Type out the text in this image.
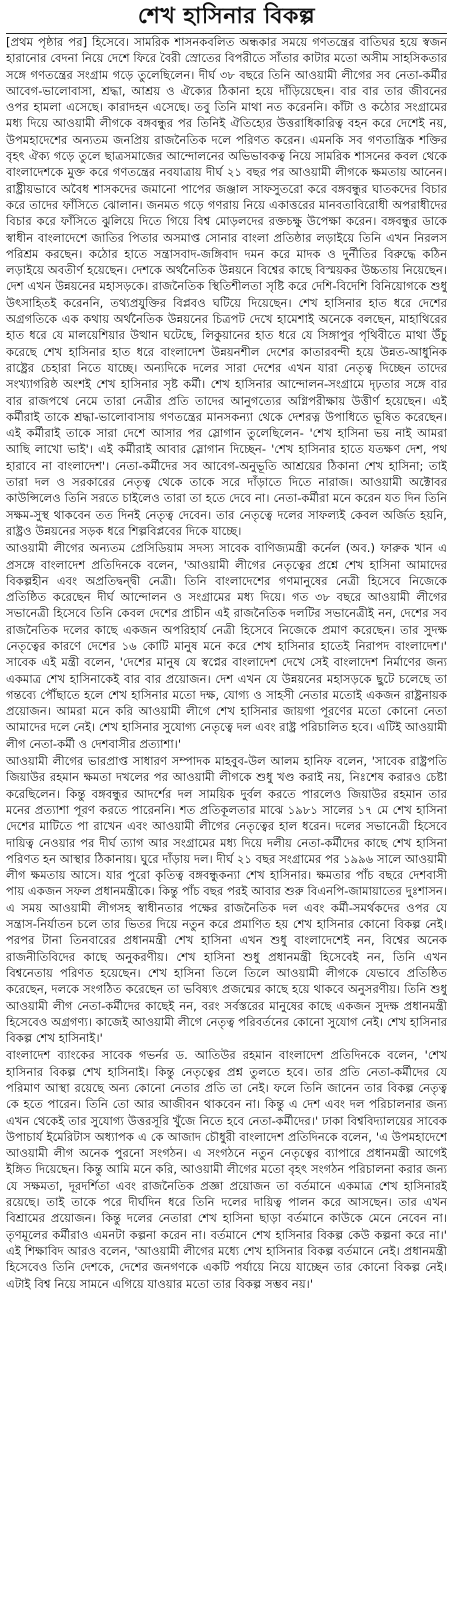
শেখ হাসিনার বিকল্প

[প্রথম পৃষ্ঠার পর] হিসেবে। সামরিক শাসনকবলিত অন্ধকার সময়ে গণতন্ত্রের বাতিঘর হয়ে স্বজন হারানোর বেদনা নিয়ে দেশে ফিরে বৈরী স্রোতের বিপরীতে সাঁতার কাটার মতো অসীম সাহসিকতার সঙ্গে গণতন্ত্রের সংগ্রাম গড়ে তুলেছিলেন। দীর্ঘ ৩৮ বছরে তিনি আওয়ামী লীগের সব নেতা-কর্মীর আবেগ-ভালোবাসা, শ্রদ্ধা, আশ্রয় ও ঐক্যের ঠিকানা হয়ে দাঁড়িয়েছেন। বার বার তার জীবনের ওপর হামলা এসেছে। কারাদহন এসেছে। তবু তিনি মাথা নত করেননি। কাঁটা ও কঠোর সংগ্রামের মধ্য দিয়ে আওয়ামী লীগকে বঙ্গবন্ধুর পর তিনিই ঐতিহ্যের উত্তরাধিকারিত্ব বহন করে দেশেই নয়, উপমহাদেশের অন্যতম জনপ্রিয় রাজনৈতিক দলে পরিণত করেন। এমনকি সব গণতান্ত্রিক শক্তির বৃহৎ ঐক্য গড়ে তুলে ছাত্রসমাজের আন্দোলনের অভিভাবকত্ব নিয়ে সামরিক শাসনের কবল থেকে বাংলাদেশকে মুক্ত করে গণতন্ত্রের নবযাত্রায় দীর্ঘ ২১ বছর পর আওয়ামী লীগকে ক্ষমতায় আনেন। রাষ্ট্রীয়ভাবে অবৈধ শাসকদের জমানো পাপের জঞ্জাল সাফসুতরো করে বঙ্গবন্ধুর ঘাতকদের বিচার করে তাদের ফাঁসিতে ঝোলান। জনমত গড়ে গণরায় নিয়ে একাত্তরের মানবতাবিরোধী অপরাধীদের বিচার করে ফাঁসিতে ঝুলিয়ে দিতে গিয়ে বিশ্ব মোড়লদের রক্তচক্ষু উপেক্ষা করেন। বঙ্গবন্ধুর ডাকে স্বাধীন বাংলাদেশে জাতির পিতার অসমাপ্ত সোনার বাংলা প্রতিষ্ঠার লড়াইয়ে তিনি এখন নিরলস পরিশ্রম করছেন। কঠোর হাতে সন্ত্রাসবাদ-জঙ্গিবাদ দমন করে মাদক ও দুর্নীতির বিরুদ্ধে কঠিন লড়াইয়ে অবতীর্ণ হয়েছেন। দেশকে অর্থনৈতিক উন্নয়নে বিশ্বের কাছে বিস্ময়কর উচ্চতায় নিয়েছেন। দেশ এখন উন্নয়নের মহাসড়কে। রাজনৈতিক স্থিতিশীলতা সৃষ্টি করে দেশি-বিদেশি বিনিয়োগকে শুধু উৎসাহিতই করেননি, তথ্যপ্রযুক্তির বিপ্লবও ঘটিয়ে দিয়েছেন। শেখ হাসিনার হাত ধরে দেশের অগ্রগতিকে এক কথায় অর্থনৈতিক উন্নয়নের চিত্রপট দেখে হামেশাই অনেকে বলছেন, মাহাথিরের হাত ধরে যে মালয়েশিয়ার উত্থান ঘটেছে, লিকুয়ানের হাত ধরে যে সিঙ্গাপুর পৃথিবীতে মাথা উঁচু করেছে শেখ হাসিনার হাত ধরে বাংলাদেশ উন্নয়নশীল দেশের কাতারবন্দী হয়ে উন্নত-আধুনিক রাষ্ট্রের চেহারা নিতে যাচ্ছে। অন্যদিকে দলের সারা দেশের এখন যারা নেতৃত্ব দিচ্ছেন তাদের সংখ্যাগরিষ্ঠ অংশই শেখ হাসিনার সৃষ্ট কর্মী। শেখ হাসিনার আন্দোলন-সংগ্রামে দৃঢ়তার সঙ্গে বার বার রাজপথে নেমে তারা নেত্রীর প্রতি তাদের আনুগত্যের অগ্নিপরীক্ষায় উত্তীর্ণ হয়েছেন। এই কর্মীরাই তাকে শ্রদ্ধা-ভালোবাসায় গণতন্ত্রের মানসকন্যা থেকে দেশরত্ন উপাধিতে ভূষিত করেছেন। এই কর্মীরাই তাকে সারা দেশে আসার পর স্লোগান তুলেছিলেন- 'শেখ হাসিনা ভয় নাই আমরা আছি লাখো ভাই'। এই কর্মীরাই আবার স্লোগান দিচ্ছেন- 'শেখ হাসিনার হাতে যতক্ষণ দেশ, পথ হারাবে না বাংলাদেশ'। নেতা-কর্মীদের সব আবেগ-অনুভূতি আশ্রয়ের ঠিকানা শেখ হাসিনা; তাই তারা দল ও সরকারের নেতৃত্ব থেকে তাকে সরে দাঁড়াতে দিতে নারাজ। আওয়ামী অক্টোবর কাউন্সিলেও তিনি সরতে চাইলেও তারা তা হতে দেবে না। নেতা-কর্মীরা মনে করেন যত দিন তিনি সক্ষম-সুস্থ থাকবেন তত দিনই নেতৃত্ব দেবেন। তার নেতৃত্বে দলের সাফল্যই কেবল অর্জিত হয়নি, রাষ্ট্রও উন্নয়নের সড়ক ধরে শিল্পবিপ্লবের দিকে যাচ্ছে।

আওয়ামী লীগের অন্যতম প্রেসিডিয়াম সদস্য সাবেক বাণিজ্যমন্ত্রী কর্নেল (অব.) ফারুক খান এ প্রসঙ্গে বাংলাদেশ প্রতিদিনকে বলেন, 'আওয়ামী লীগের নেতৃত্বের প্রশ্নে শেখ হাসিনা আমাদের বিকল্পহীন এবং অপ্রতিদ্বন্দ্বী নেত্রী। তিনি বাংলাদেশের গণমানুষের নেত্রী হিসেবে নিজেকে প্রতিষ্ঠিত করেছেন দীর্ঘ আন্দোলন ও সংগ্রামের মধ্য দিয়ে। গত ৩৮ বছরে আওয়ামী লীগের সভানেত্রী হিসেবে তিনি কেবল দেশের প্রাচীন এই রাজনৈতিক দলটির সভানেত্রীই নন, দেশের সব রাজনৈতিক দলের কাছে একজন অপরিহার্য নেত্রী হিসেবে নিজেকে প্রমাণ করেছেন। তার সুদক্ষ নেতৃত্বের কারণে দেশের ১৬ কোটি মানুষ মনে করে শেখ হাসিনার হাতেই নিরাপদ বাংলাদেশ।' সাবেক এই মন্ত্রী বলেন, 'দেশের মানুষ যে স্বপ্নের বাংলাদেশ দেখে সেই বাংলাদেশ নির্মাণের জন্য একমাত্র শেখ হাসিনাকেই বার বার প্রয়োজন। দেশ এখন যে উন্নয়নের মহাসড়কে ছুটে চলেছে তা গন্তব্যে পৌঁছাতে হলে শেখ হাসিনার মতো দক্ষ, যোগ্য ও সাহসী নেতার মতোই একজন রাষ্ট্রনায়ক প্রয়োজন। আমরা মনে করি আওয়ামী লীগে শেখ হাসিনার জায়গা পূরণের মতো কোনো নেতা আমাদের দলে নেই। শেখ হাসিনার সুযোগ্য নেতৃত্বে দল এবং রাষ্ট্র পরিচালিত হবে। এটিই আওয়ামী লীগ নেতা-কর্মী ও দেশবাসীর প্রত্যাশা।'

আওয়ামী লীগের ভারপ্রাপ্ত সাধারণ সম্পাদক মাহবুব-উল আলম হানিফ বলেন, 'সাবেক রাষ্ট্রপতি জিয়াউর রহমান ক্ষমতা দখলের পর আওয়ামী লীগকে শুধু খণ্ড করাই নয়, নিঃশেষ করারও চেষ্টা করেছিলেন। কিন্তু বঙ্গবন্ধুর আদর্শের দল সাময়িক দুর্বল করতে পারলেও জিয়াউর রহমান তার মনের প্রত্যাশা পূরণ করতে পারেননি। শত প্রতিকূলতার মাঝে ১৯৮১ সালের ১৭ মে শেখ হাসিনা দেশের মাটিতে পা রাখেন এবং আওয়ামী লীগের নেতৃত্বের হাল ধরেন। দলের সভানেত্রী হিসেবে দায়িত্ব নেওয়ার পর দীর্ঘ ত্যাগ আর সংগ্রামের মধ্য দিয়ে দলীয় নেতা-কর্মীদের কাছে শেখ হাসিনা পরিণত হন আস্থার ঠিকানায়। ঘুরে দাঁড়ায় দল। দীর্ঘ ২১ বছর সংগ্রামের পর ১৯৯৬ সালে আওয়ামী লীগ ক্ষমতায় আসে। যার পুরো কৃতিত্ব বঙ্গবন্ধুকন্যা শেখ হাসিনার। ক্ষমতার পাঁচ বছরে দেশবাসী পায় একজন সফল প্রধানমন্ত্রীকে। কিন্তু পাঁচ বছর পরই আবার শুরু বিএনপি-জামায়াতের দুঃশাসন। এ সময় আওয়ামী লীগসহ স্বাধীনতার পক্ষের রাজনৈতিক দল এবং কর্মী-সমর্থকদের ওপর যে সন্ত্রাস-নির্যাতন চলে তার ভিতর দিয়ে নতুন করে প্রমাণিত হয় শেখ হাসিনার কোনো বিকল্প নেই। পরপর টানা তিনবারের প্রধানমন্ত্রী শেখ হাসিনা এখন শুধু বাংলাদেশেই নন, বিশ্বের অনেক রাজনীতিবিদের কাছে অনুকরণীয়। শেখ হাসিনা শুধু প্রধানমন্ত্রী হিসেবেই নন, তিনি এখন বিশ্বনেতায় পরিণত হয়েছেন। শেখ হাসিনা তিলে তিলে আওয়ামী লীগকে যেভাবে প্রতিষ্ঠিত করেছেন, দলকে সংগঠিত করেছেন তা ভবিষ্যৎ প্রজন্মের কাছে হয়ে থাকবে অনুসরণীয়। তিনি শুধু আওয়ামী লীগ নেতা-কর্মীদের কাছেই নন, বরং সর্বস্তরের মানুষের কাছে একজন সুদক্ষ প্রধানমন্ত্রী হিসেবেও অগ্রগণ্য। কাজেই আওয়ামী লীগে নেতৃত্ব পরিবর্তনের কোনো সুযোগ নেই। শেখ হাসিনার বিকল্প শেখ হাসিনাই।'

বাংলাদেশ ব্যাংকের সাবেক গভর্নর ড. আতিউর রহমান বাংলাদেশ প্রতিদিনকে বলেন, 'শেখ হাসিনার বিকল্প শেখ হাসিনাই। কিন্তু নেতৃত্বের প্রশ্ন তুলতে হবে। তার প্রতি নেতা-কর্মীদের যে পরিমাণ আস্থা রয়েছে অন্য কোনো নেতার প্রতি তা নেই। ফলে তিনি জানেন তার বিকল্প নেতৃত্ব কে হতে পারেন। তিনি তো আর আজীবন থাকবেন না। কিন্তু এ দেশ এবং দল পরিচালনার জন্য এখন থেকেই তার সুযোগ্য উত্তরসূরি খুঁজে নিতে হবে নেতা-কর্মীদের।' ঢাকা বিশ্ববিদ্যালয়ের সাবেক উপাচার্য ইমেরিটাস অধ্যাপক এ কে আজাদ চৌধুরী বাংলাদেশ প্রতিদিনকে বলেন, 'এ উপমহাদেশে আওয়ামী লীগ অনেক পুরনো সংগঠন। এ সংগঠনে নতুন নেতৃত্বের ব্যাপারে প্রধানমন্ত্রী আগেই ইঙ্গিত দিয়েছেন। কিন্তু আমি মনে করি, আওয়ামী লীগের মতো বৃহৎ সংগঠন পরিচালনা করার জন্য যে সক্ষমতা, দূরদর্শিতা এবং রাজনৈতিক প্রজ্ঞা প্রয়োজন তা বর্তমানে একমাত্র শেখ হাসিনারই রয়েছে। তাই তাকে পরে দীর্ঘদিন ধরে তিনি দলের দায়িত্ব পালন করে আসছেন। তার এখন বিশ্রামের প্রয়োজন। কিন্তু দলের নেতারা শেখ হাসিনা ছাড়া বর্তমানে কাউকে মেনে নেবেন না। তৃণমূলের কর্মীরাও এমনটা কল্পনা করেন না। বর্তমানে শেখ হাসিনার বিকল্প কেউ কল্পনা করে না।' এই শিক্ষাবিদ আরও বলেন, 'আওয়ামী লীগের মধ্যে শেখ হাসিনার বিকল্প বর্তমানে নেই। প্রধানমন্ত্রী হিসেবেও তিনি দেশকে, দেশের জনগণকে একটি পর্যায়ে নিয়ে যাচ্ছেন তার কোনো বিকল্প নেই। এটাই বিশ্ব নিয়ে সামনে এগিয়ে যাওয়ার মতো তার বিকল্প সম্ভব নয়।'
